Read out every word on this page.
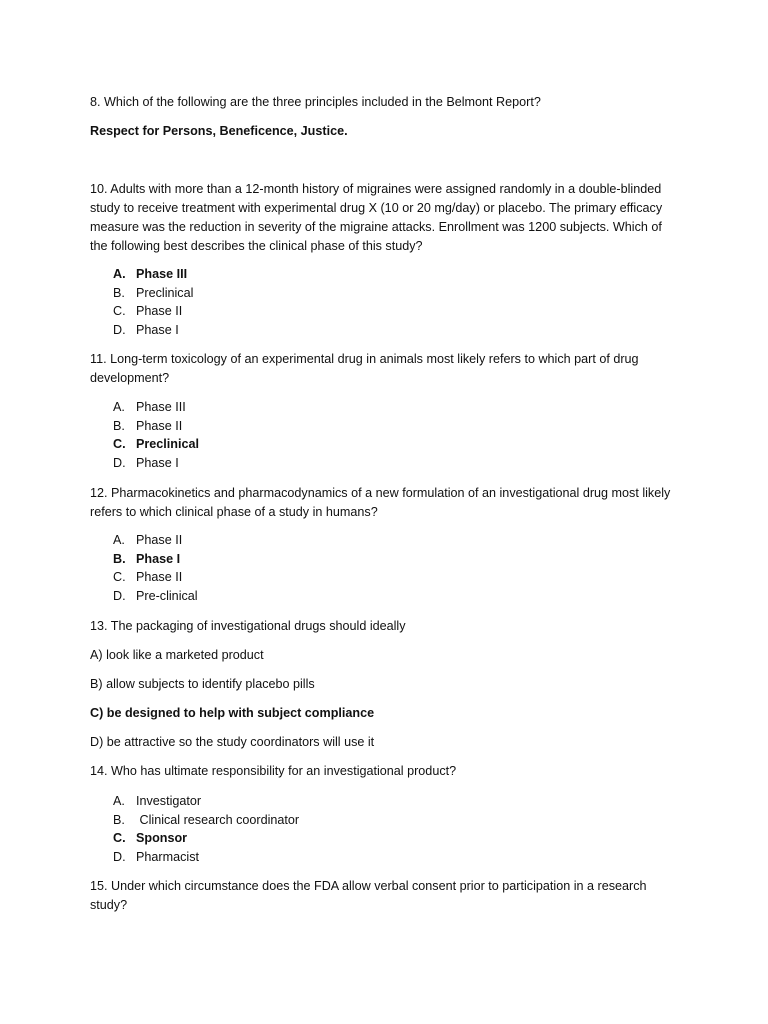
8. Which of the following are the three principles included in the Belmont Report?

Respect for Persons, Beneficence, Justice.

10. Adults with more than a 12-month history of migraines were assigned randomly in a double-blinded study to receive treatment with experimental drug X (10 or 20 mg/day) or placebo. The primary efficacy measure was the reduction in severity of the migraine attacks. Enrollment was 1200 subjects. Which of the following best describes the clinical phase of this study?

A. Phase III
B. Preclinical
C. Phase II
D. Phase I

11. Long-term toxicology of an experimental drug in animals most likely refers to which part of drug development?

A. Phase III
B. Phase II
C. Preclinical
D. Phase I

12. Pharmacokinetics and pharmacodynamics of a new formulation of an investigational drug most likely refers to which clinical phase of a study in humans?

A. Phase II
B. Phase I
C. Phase II
D. Pre-clinical

13. The packaging of investigational drugs should ideally

A) look like a marketed product

B) allow subjects to identify placebo pills

C) be designed to help with subject compliance

D) be attractive so the study coordinators will use it

14. Who has ultimate responsibility for an investigational product?

A. Investigator
B. Clinical research coordinator
C. Sponsor
D. Pharmacist

15. Under which circumstance does the FDA allow verbal consent prior to participation in a research study?
